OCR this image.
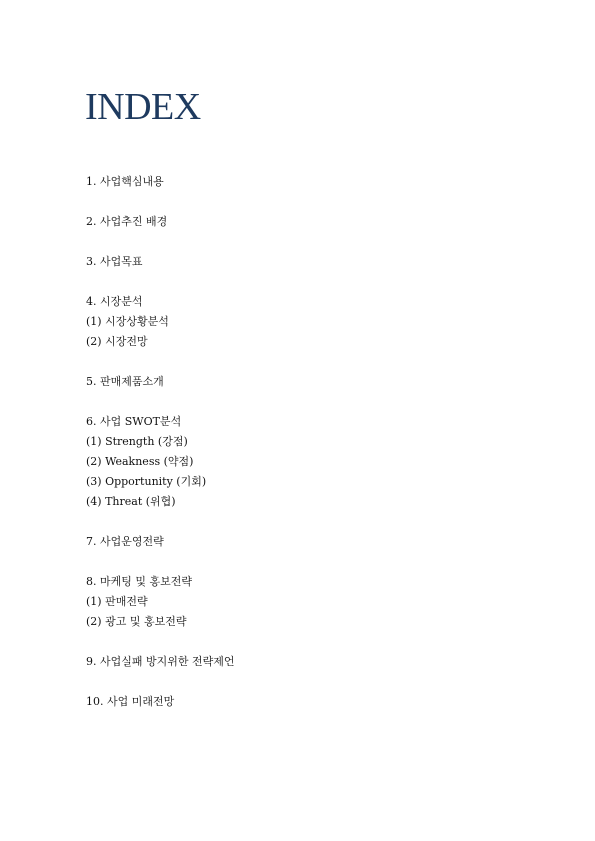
INDEX
1. 사업핵심내용
2. 사업추진 배경
3. 사업목표
4. 시장분석
(1) 시장상황분석
(2) 시장전망
5. 판매제품소개
6. 사업 SWOT분석
(1) Strength (강점)
(2) Weakness (약점)
(3) Opportunity (기회)
(4) Threat (위협)
7. 사업운영전략
8. 마케팅 및 홍보전략
(1) 판매전략
(2) 광고 및 홍보전략
9. 사업실패 방지위한 전략제언
10. 사업 미래전망
